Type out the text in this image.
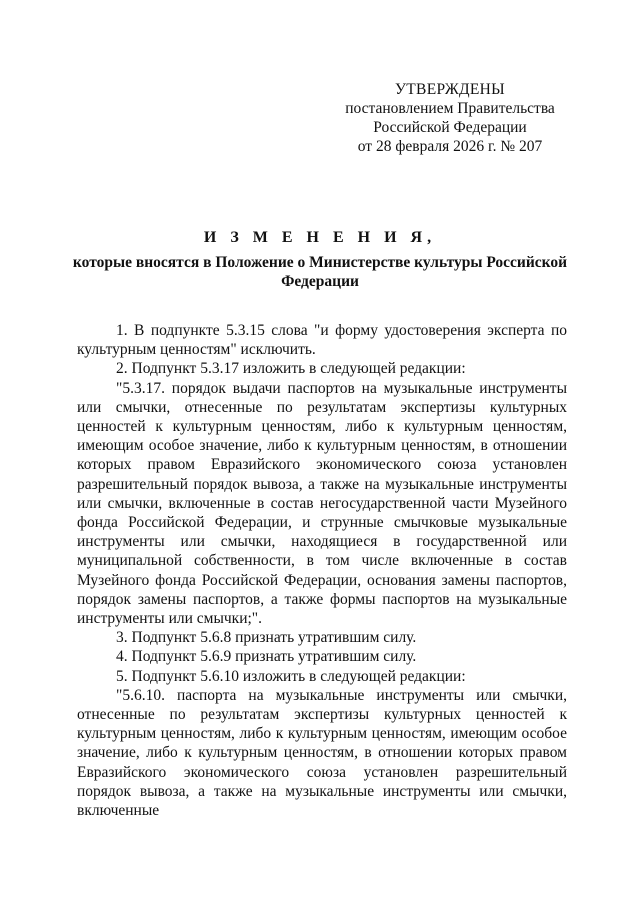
УТВЕРЖДЕНЫ
постановлением Правительства
Российской Федерации
от 28 февраля 2026 г. № 207
И З М Е Н Е Н И Я,
которые вносятся в Положение о Министерстве культуры Российской Федерации

1. В подпункте 5.3.15 слова "и форму удостоверения эксперта по культурным ценностям" исключить.

2. Подпункт 5.3.17 изложить в следующей редакции:

"5.3.17. порядок выдачи паспортов на музыкальные инструменты или смычки, отнесенные по результатам экспертизы культурных ценностей к культурным ценностям, либо к культурным ценностям, имеющим особое значение, либо к культурным ценностям, в отношении которых правом Евразийского экономического союза установлен разрешительный порядок вывоза, а также на музыкальные инструменты или смычки, включенные в состав негосударственной части Музейного фонда Российской Федерации, и струнные смычковые музыкальные инструменты или смычки, находящиеся в государственной или муниципальной собственности, в том числе включенные в состав Музейного фонда Российской Федерации, основания замены паспортов, порядок замены паспортов, а также формы паспортов на музыкальные инструменты или смычки;".

3. Подпункт 5.6.8 признать утратившим силу.

4. Подпункт 5.6.9 признать утратившим силу.

5. Подпункт 5.6.10 изложить в следующей редакции:

"5.6.10. паспорта на музыкальные инструменты или смычки, отнесенные по результатам экспертизы культурных ценностей к культурным ценностям, либо к культурным ценностям, имеющим особое значение, либо к культурным ценностям, в отношении которых правом Евразийского экономического союза установлен разрешительный порядок вывоза, а также на музыкальные инструменты или смычки, включенные
